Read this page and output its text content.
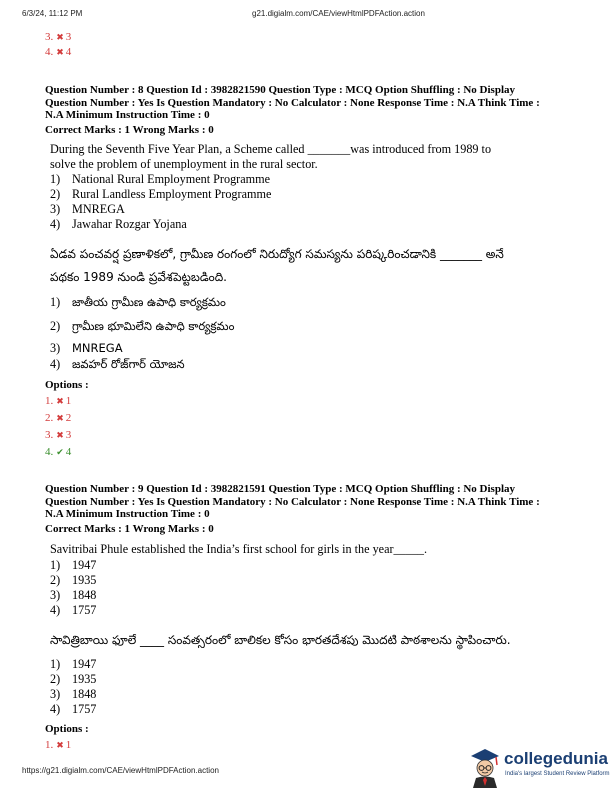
6/3/24, 11:12 PM	g21.digialm.com/CAE/viewHtmlPDFAction.action
3. ✖ 3
4. ✖ 4
Question Number : 8 Question Id : 3982821590 Question Type : MCQ Option Shuffling : No Display
Question Number : Yes Is Question Mandatory : No Calculator : None Response Time : N.A Think Time :
N.A Minimum Instruction Time : 0
Correct Marks : 1 Wrong Marks : 0
During the Seventh Five Year Plan, a Scheme called _______was introduced from 1989 to
solve the problem of unemployment in the rural sector.
1) National Rural Employment Programme
2) Rural Landless Employment Programme
3) MNREGA
4) Jawahar Rozgar Yojana
ఏడవ పంచవర్ష ప్రణాళికలో, గ్రామీణ రంగంలో నిరుద్యోగ సమస్యను పరిష్కరించడానికి _______ అనే
పథకం 1989 నుండి ప్రవేశపెట్టబడింది.
1) జాతీయ గ్రామీణ ఉపాధి కార్యక్రమం
2) గ్రామీణ భూమిలేని ఉపాధి కార్యక్రమం
3) MNREGA
4) జవహర్ రోజ్‌గార్ యోజన
Options :
1. ✖ 1
2. ✖ 2
3. ✖ 3
4. ✔ 4
Question Number : 9 Question Id : 3982821591 Question Type : MCQ Option Shuffling : No Display
Question Number : Yes Is Question Mandatory : No Calculator : None Response Time : N.A Think Time :
N.A Minimum Instruction Time : 0
Correct Marks : 1 Wrong Marks : 0
Savitribai Phule established the India’s first school for girls in the year_____.
1) 1947
2) 1935
3) 1848
4) 1757
సావిత్రిబాయి ఫూలే ____ సంవత్సరంలో బాలికల కోసం భారతదేశపు మొదటి పాఠశాలను స్థాపించారు.
1) 1947
2) 1935
3) 1848
4) 1757
Options :
1. ✖ 1
https://g21.digialm.com/CAE/viewHtmlPDFAction.action
collegedunia
India's largest Student Review Platform
